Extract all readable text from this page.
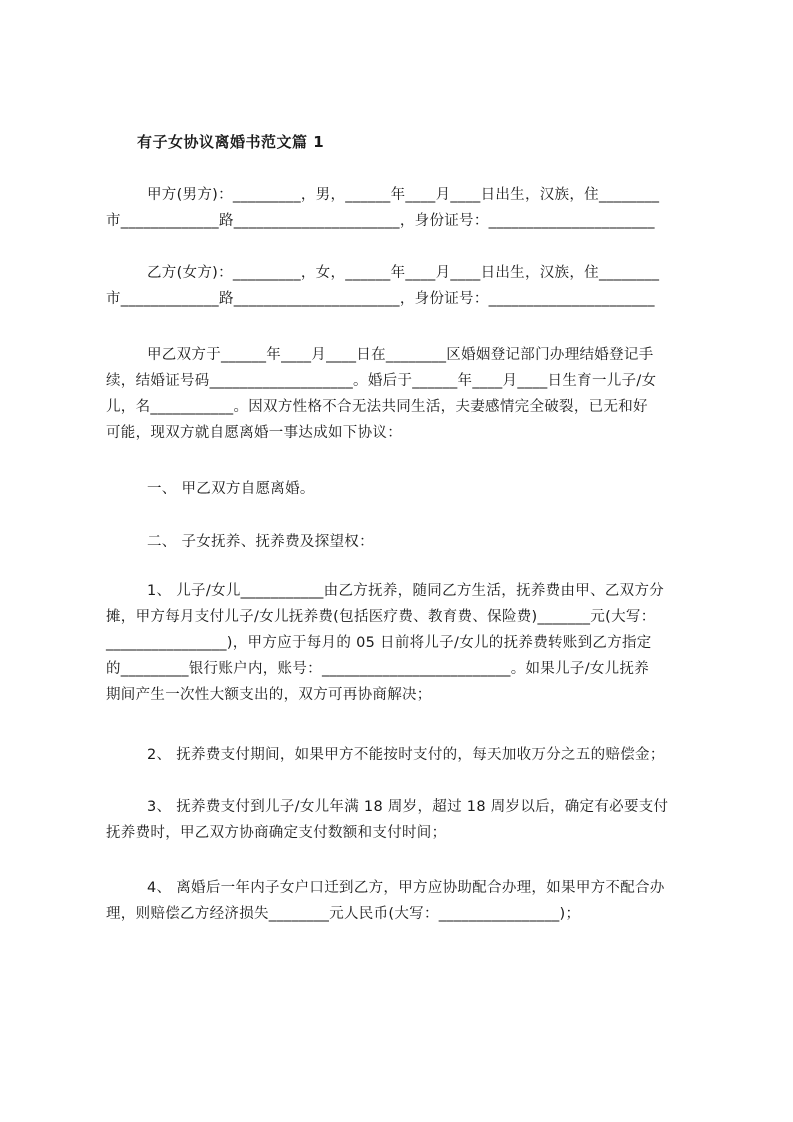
有子女协议离婚书范文篇 1
甲方(男方)：_________，男，______年____月____日出生，汉族，住________
市_____________路______________________，身份证号：______________________
乙方(女方)：_________，女，______年____月____日出生，汉族，住________
市_____________路______________________，身份证号：______________________
甲乙双方于______年____月____日在________区婚姻登记部门办理结婚登记手
续，结婚证号码___________________。婚后于______年____月____日生育一儿子/女
儿，名___________。因双方性格不合无法共同生活，夫妻感情完全破裂，已无和好
可能，现双方就自愿离婚一事达成如下协议：
一、 甲乙双方自愿离婚。
二、 子女抚养、抚养费及探望权：
1、 儿子/女儿___________由乙方抚养，随同乙方生活，抚养费由甲、乙双方分
摊，甲方每月支付儿子/女儿抚养费(包括医疗费、教育费、保险费)_______元(大写：
________________)，甲方应于每月的 05 日前将儿子/女儿的抚养费转账到乙方指定
的_________银行账户内，账号：_________________________。如果儿子/女儿抚养
期间产生一次性大额支出的，双方可再协商解决；
2、 抚养费支付期间，如果甲方不能按时支付的，每天加收万分之五的赔偿金；
3、 抚养费支付到儿子/女儿年满 18 周岁，超过 18 周岁以后，确定有必要支付
抚养费时，甲乙双方协商确定支付数额和支付时间；
4、 离婚后一年内子女户口迁到乙方，甲方应协助配合办理，如果甲方不配合办
理，则赔偿乙方经济损失________元人民币(大写：________________)；
